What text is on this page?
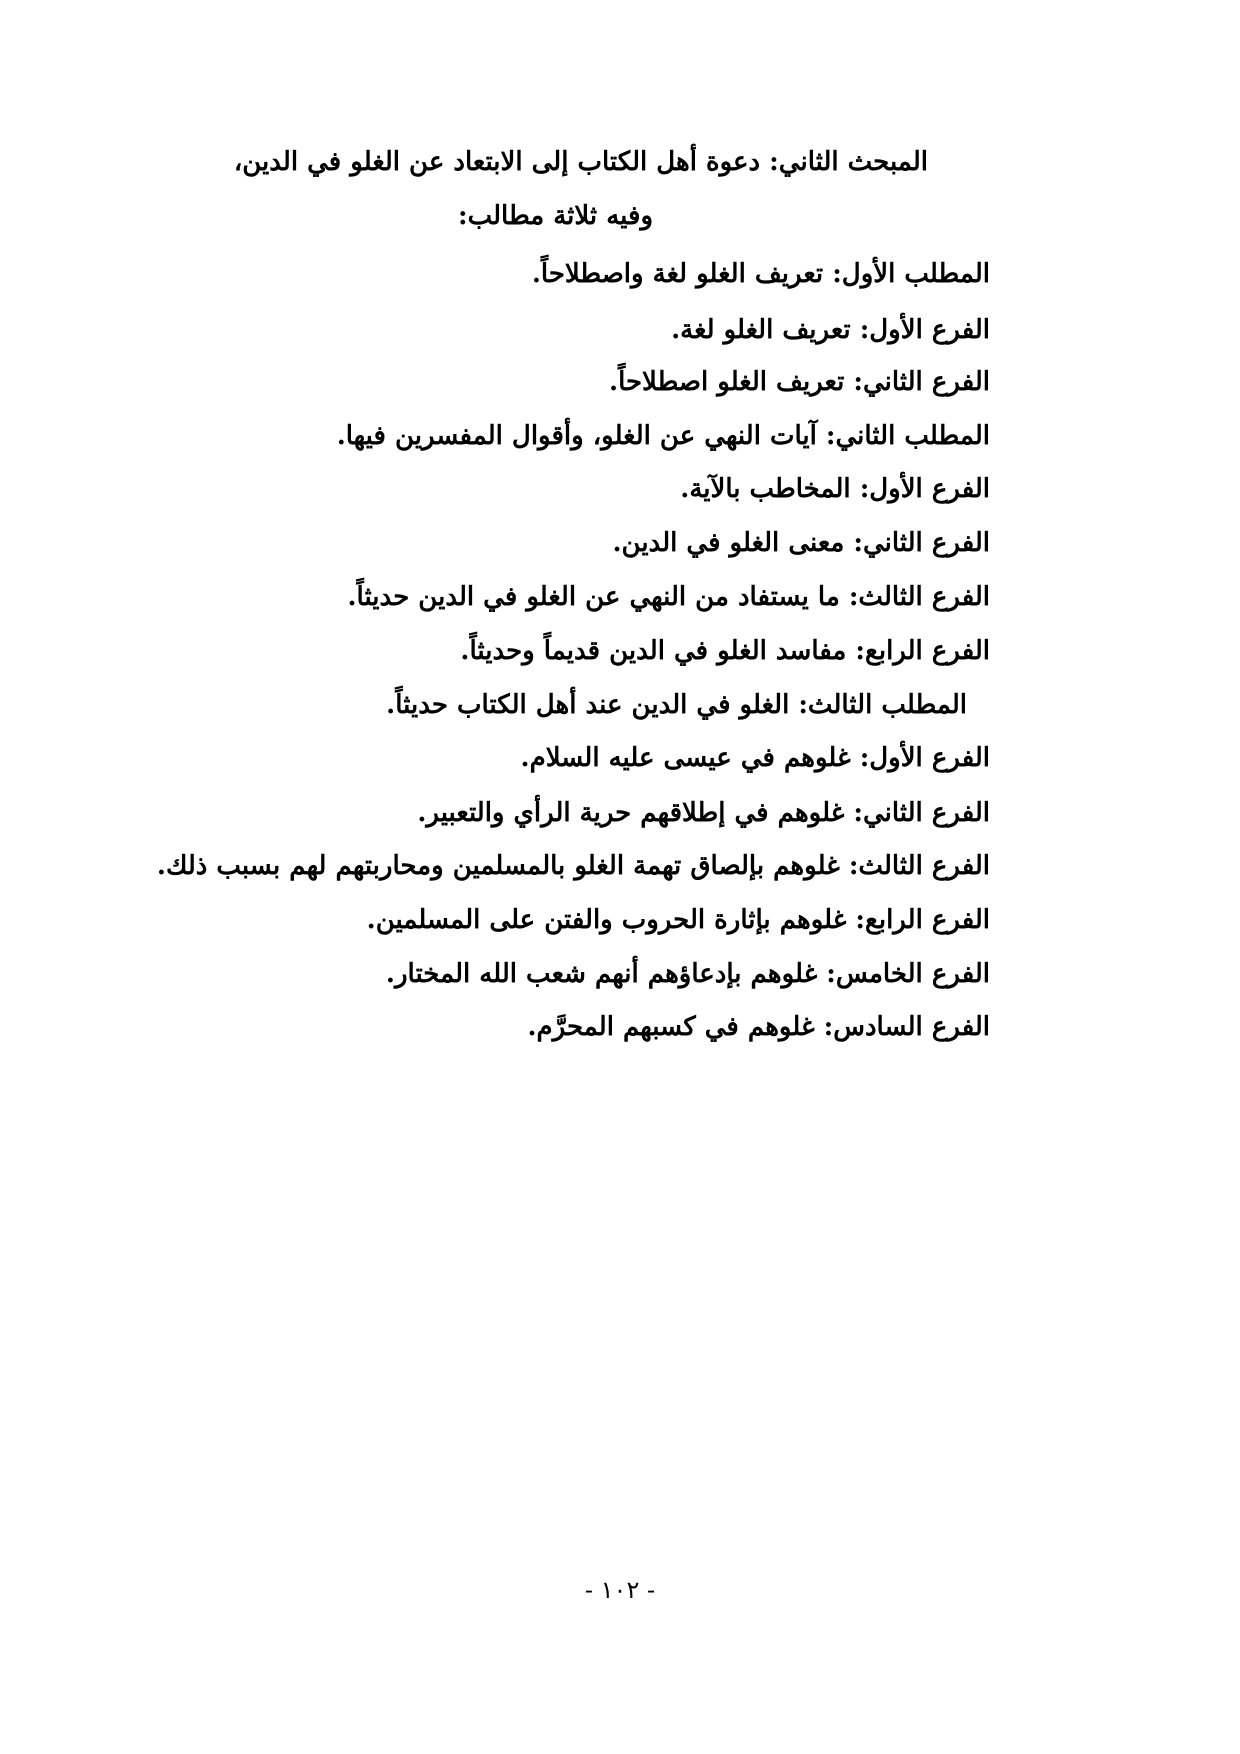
المبحث الثاني: دعوة أهل الكتاب إلى الابتعاد عن الغلو في الدين،
وفيه ثلاثة مطالب:
المطلب الأول: تعريف الغلو لغة واصطلاحاً.
الفرع الأول: تعريف الغلو لغة.
الفرع الثاني: تعريف الغلو اصطلاحاً.
المطلب الثاني: آيات النهي عن الغلو، وأقوال المفسرين فيها.
الفرع الأول: المخاطب بالآية.
الفرع الثاني: معنى الغلو في الدين.
الفرع الثالث: ما يستفاد من النهي عن الغلو في الدين حديثاً.
الفرع الرابع: مفاسد الغلو في الدين قديماً وحديثاً.
المطلب الثالث: الغلو في الدين عند أهل الكتاب حديثاً.
الفرع الأول: غلوهم في عيسى عليه السلام.
الفرع الثاني: غلوهم في إطلاقهم حرية الرأي والتعبير.
الفرع الثالث: غلوهم بإلصاق تهمة الغلو بالمسلمين ومحاربتهم لهم بسبب ذلك.
الفرع الرابع: غلوهم بإثارة الحروب والفتن على المسلمين.
الفرع الخامس: غلوهم بإدعاؤهم أنهم شعب الله المختار.
الفرع السادس: غلوهم في كسبهم المحرَّم.
- ١٠٢ -
